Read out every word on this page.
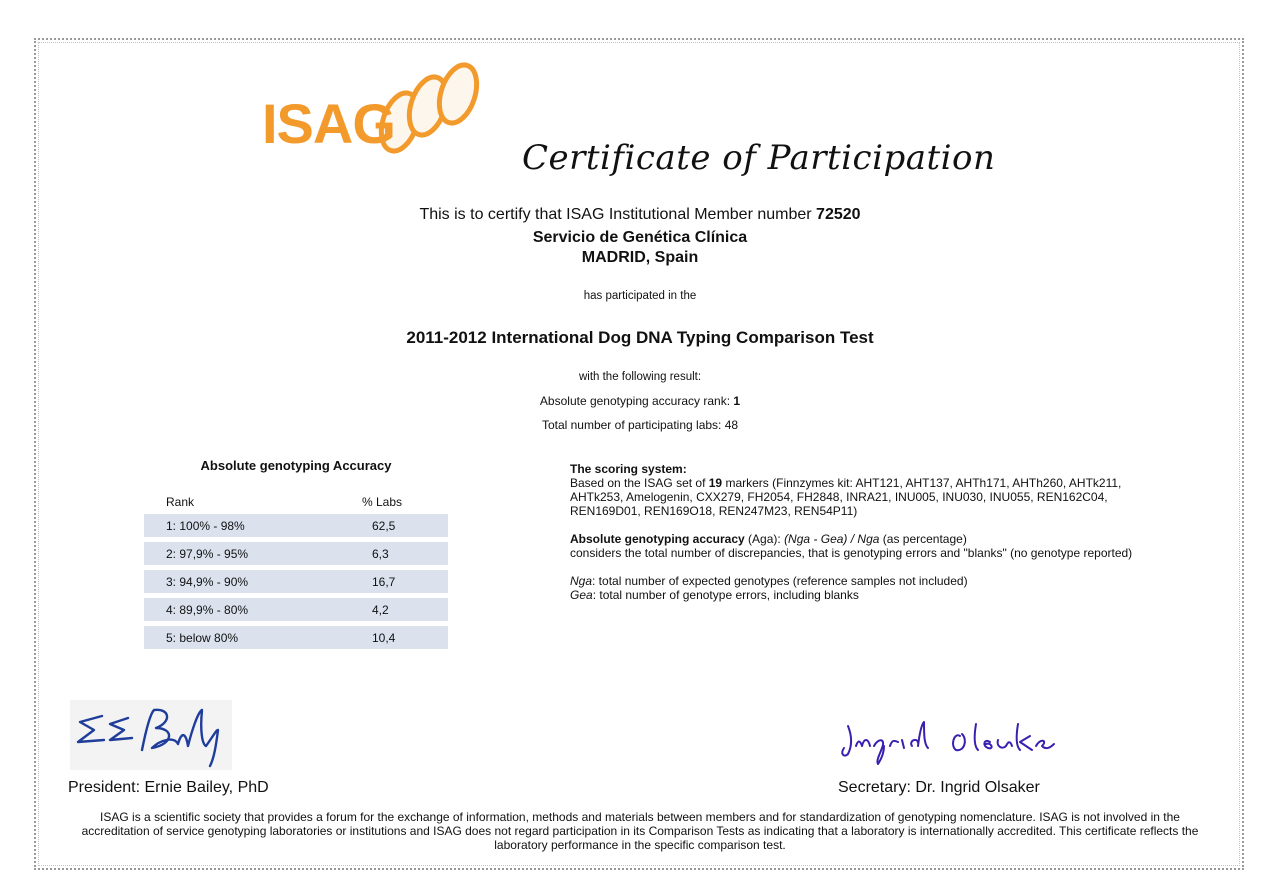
ISAG
Certificate of Participation
This is to certify that ISAG Institutional Member number 72520
Servicio de Genética Clínica
MADRID, Spain
has participated in the
2011-2012 International Dog DNA Typing Comparison Test
with the following result:
Absolute genotyping accuracy rank: 1
Total number of participating labs: 48
Absolute genotyping Accuracy
Rank	% Labs
1: 100% - 98%	62,5
2: 97,9% - 95%	6,3
3: 94,9% - 90%	16,7
4: 89,9% - 80%	4,2
5: below 80%	10,4

The scoring system:

Based on the ISAG set of 19 markers (Finnzymes kit: AHT121, AHT137, AHTh171, AHTh260, AHTk211, AHTk253, Amelogenin, CXX279, FH2054, FH2848, INRA21, INU005, INU030, INU055, REN162C04, REN169D01, REN169O18, REN247M23, REN54P11)

Absolute genotyping accuracy (Aga): (Nga - Gea) / Nga (as percentage)

considers the total number of discrepancies, that is genotyping errors and "blanks" (no genotype reported)

Nga: total number of expected genotypes (reference samples not included)

Gea: total number of genotype errors, including blanks

President: Ernie Bailey, PhD	Secretary: Dr. Ingrid Olsaker
ISAG is a scientific society that provides a forum for the exchange of information, methods and materials between members and for standardization of genotyping nomenclature. ISAG is not involved in the accreditation of service genotyping laboratories or institutions and ISAG does not regard participation in its Comparison Tests as indicating that a laboratory is internationally accredited. This certificate reflects the laboratory performance in the specific comparison test.
